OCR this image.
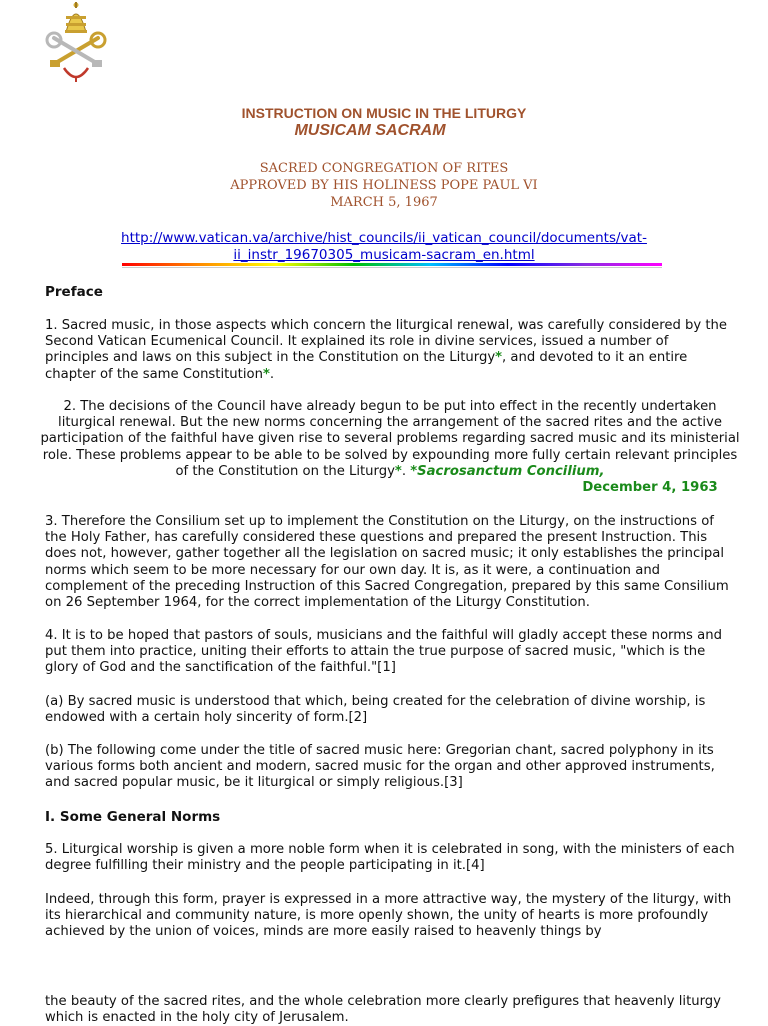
INSTRUCTION ON MUSIC IN THE LITURGY
MUSICAM SACRAM
SACRED CONGREGATION OF RITES
APPROVED BY HIS HOLINESS POPE PAUL VI
MARCH 5, 1967
http://www.vatican.va/archive/hist_councils/ii_vatican_council/documents/vat-
ii_instr_19670305_musicam-sacram_en.html

Preface

1. Sacred music, in those aspects which concern the liturgical renewal, was carefully considered by the Second Vatican Ecumenical Council. It explained its role in divine services, issued a number of principles and laws on this subject in the Constitution on the Liturgy*, and devoted to it an entire chapter of the same Constitution*.

2. The decisions of the Council have already begun to be put into effect in the recently undertaken liturgical renewal. But the new norms concerning the arrangement of the sacred rites and the active participation of the faithful have given rise to several problems regarding sacred music and its ministerial role. These problems appear to be able to be solved by expounding more fully certain relevant principles of the Constitution on the Liturgy*. *Sacrosanctum Concilium,
December 4, 1963

3. Therefore the Consilium set up to implement the Constitution on the Liturgy, on the instructions of the Holy Father, has carefully considered these questions and prepared the present Instruction. This does not, however, gather together all the legislation on sacred music; it only establishes the principal norms which seem to be more necessary for our own day. It is, as it were, a continuation and complement of the preceding Instruction of this Sacred Congregation, prepared by this same Consilium on 26 September 1964, for the correct implementation of the Liturgy Constitution.

4. It is to be hoped that pastors of souls, musicians and the faithful will gladly accept these norms and put them into practice, uniting their efforts to attain the true purpose of sacred music, "which is the glory of God and the sanctification of the faithful."[1]

(a) By sacred music is understood that which, being created for the celebration of divine worship, is endowed with a certain holy sincerity of form.[2]

(b) The following come under the title of sacred music here: Gregorian chant, sacred polyphony in its various forms both ancient and modern, sacred music for the organ and other approved instruments, and sacred popular music, be it liturgical or simply religious.[3]

I. Some General Norms

5. Liturgical worship is given a more noble form when it is celebrated in song, with the ministers of each degree fulfilling their ministry and the people participating in it.[4]

Indeed, through this form, prayer is expressed in a more attractive way, the mystery of the liturgy, with its hierarchical and community nature, is more openly shown, the unity of hearts is more profoundly achieved by the union of voices, minds are more easily raised to heavenly things by

the beauty of the sacred rites, and the whole celebration more clearly prefigures that heavenly liturgy which is enacted in the holy city of Jerusalem.
